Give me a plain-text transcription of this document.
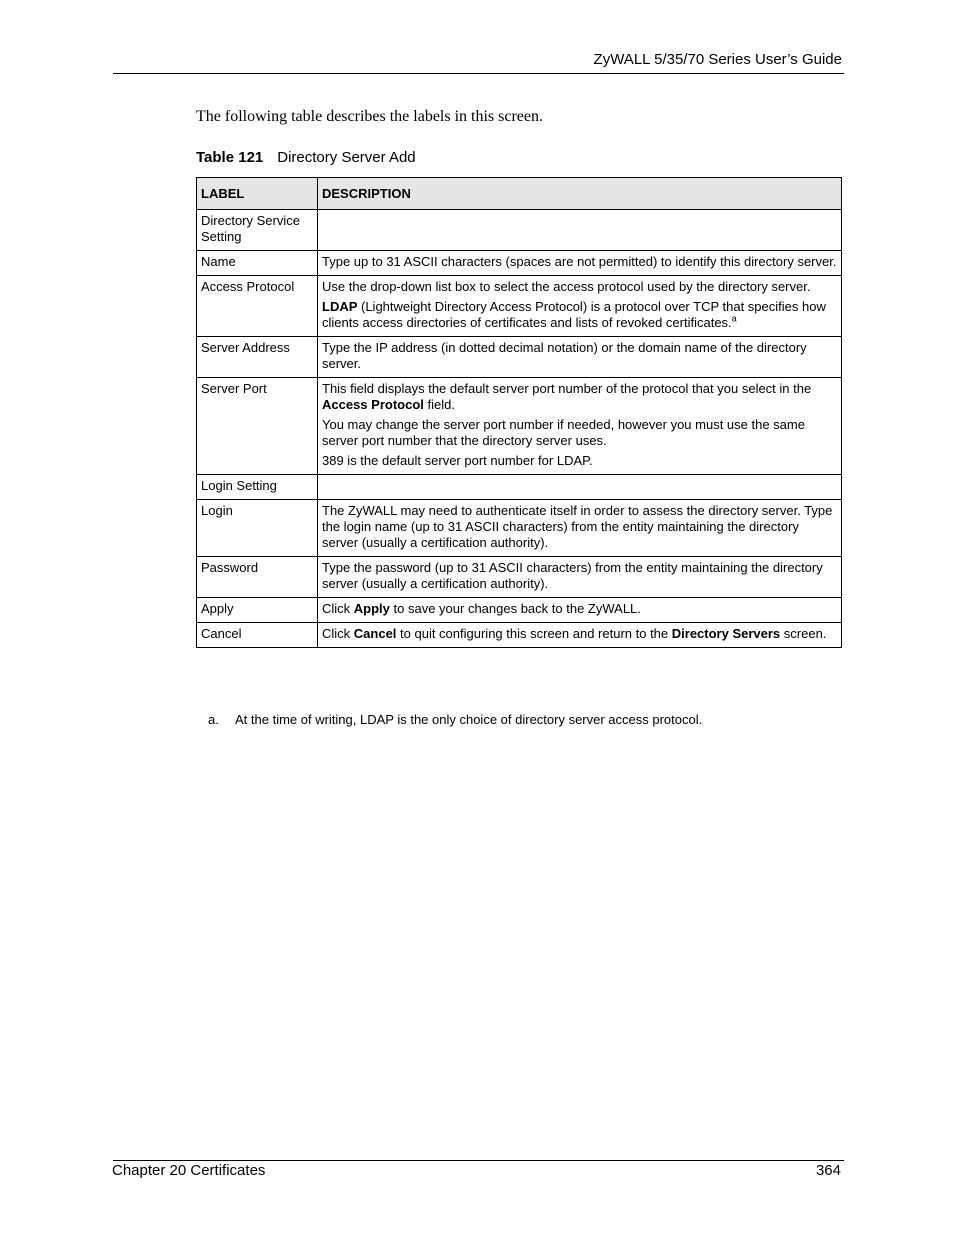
ZyWALL 5/35/70 Series User’s Guide
The following table describes the labels in this screen.
Table 121 Directory Server Add
LABEL	DESCRIPTION
Directory Service Setting	
Name	Type up to 31 ASCII characters (spaces are not permitted) to identify this directory server.
Access Protocol	Use the drop-down list box to select the access protocol used by the directory server.

LDAP (Lightweight Directory Access Protocol) is a protocol over TCP that specifies how clients access directories of certificates and lists of revoked certificates.$^a$

Server Address	Type the IP address (in dotted decimal notation) or the domain name of the directory server.
Server Port	This field displays the default server port number of the protocol that you select in the Access Protocol field.

You may change the server port number if needed, however you must use the same server port number that the directory server uses.

389 is the default server port number for LDAP.

Login Setting	
Login	The ZyWALL may need to authenticate itself in order to assess the directory server. Type the login name (up to 31 ASCII characters) from the entity maintaining the directory server (usually a certification authority).
Password	Type the password (up to 31 ASCII characters) from the entity maintaining the directory server (usually a certification authority).
Apply	Click Apply to save your changes back to the ZyWALL.
Cancel	Click Cancel to quit configuring this screen and return to the Directory Servers screen.
a. At the time of writing, LDAP is the only choice of directory server access protocol.
Chapter 20 Certificates	364
